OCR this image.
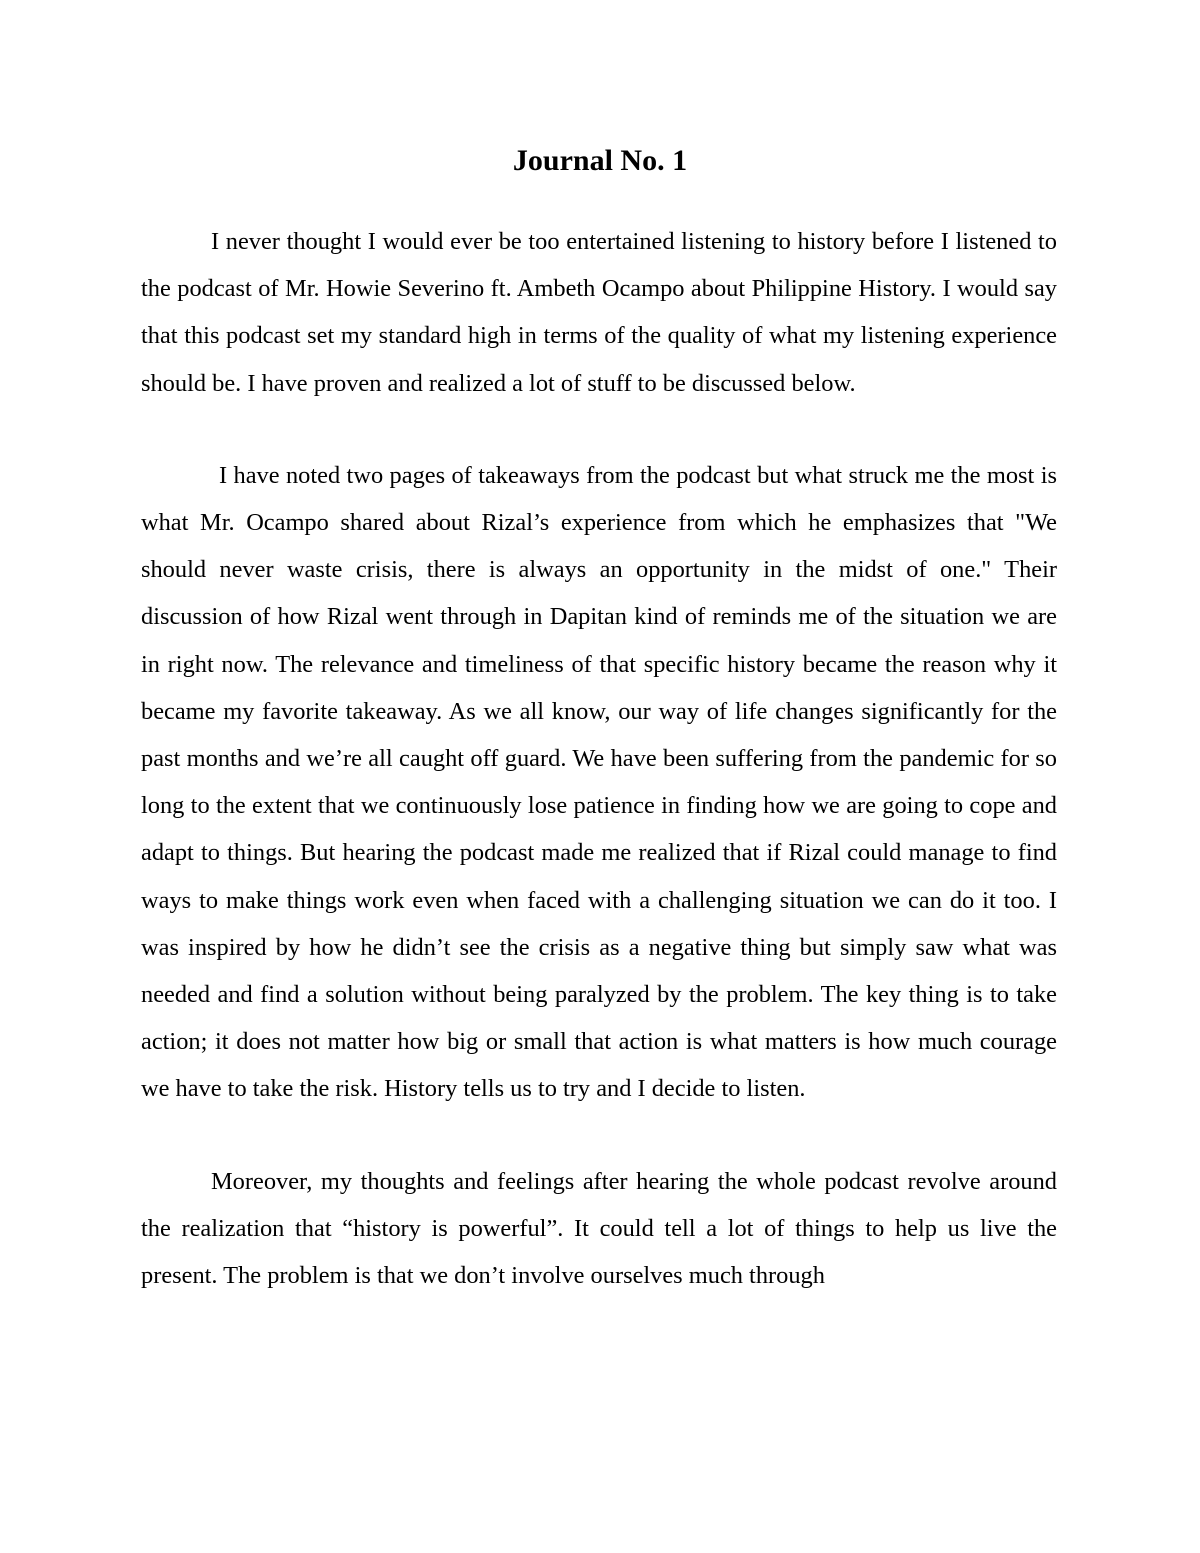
Journal No. 1

I never thought I would ever be too entertained listening to history before I listened to the podcast of Mr. Howie Severino ft. Ambeth Ocampo about Philippine History. I would say that this podcast set my standard high in terms of the quality of what my listening experience should be. I have proven and realized a lot of stuff to be discussed below.

I have noted two pages of takeaways from the podcast but what struck me the most is what Mr. Ocampo shared about Rizal’s experience from which he emphasizes that "We should never waste crisis, there is always an opportunity in the midst of one." Their discussion of how Rizal went through in Dapitan kind of reminds me of the situation we are in right now. The relevance and timeliness of that specific history became the reason why it became my favorite takeaway. As we all know, our way of life changes significantly for the past months and we’re all caught off guard. We have been suffering from the pandemic for so long to the extent that we continuously lose patience in finding how we are going to cope and adapt to things. But hearing the podcast made me realized that if Rizal could manage to find ways to make things work even when faced with a challenging situation we can do it too. I was inspired by how he didn’t see the crisis as a negative thing but simply saw what was needed and find a solution without being paralyzed by the problem. The key thing is to take action; it does not matter how big or small that action is what matters is how much courage we have to take the risk. History tells us to try and I decide to listen.

Moreover, my thoughts and feelings after hearing the whole podcast revolve around the realization that “history is powerful”. It could tell a lot of things to help us live the present. The problem is that we don’t involve ourselves much through
